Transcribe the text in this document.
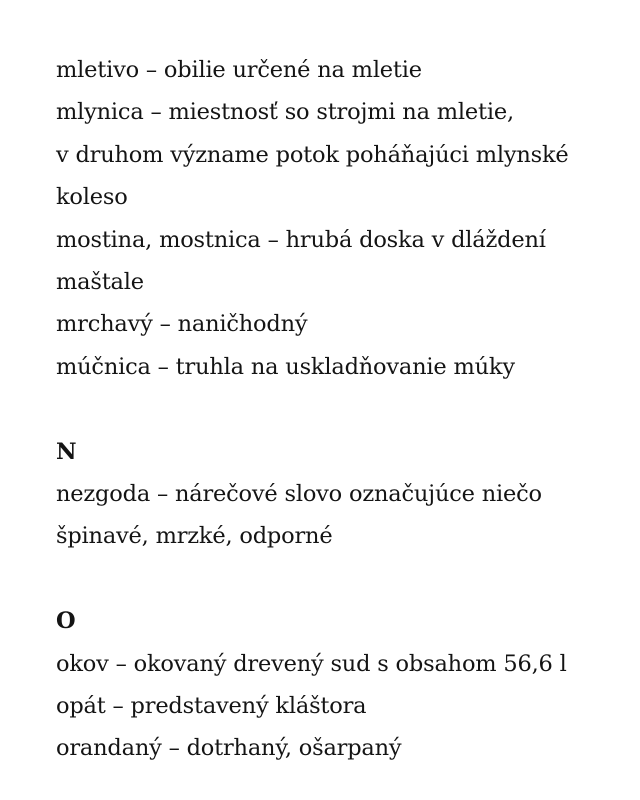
mletivo – obilie určené na mletie

mlynica – miestnosť so strojmi na mletie,

v druhom význame potok poháňajúci mlynské

koleso

mostina, mostnica – hrubá doska v dláždení

maštale

mrchavý – naničhodný

múčnica – truhla na uskladňovanie múky

N

nezgoda – nárečové slovo označujúce niečo

špinavé, mrzké, odporné

O

okov – okovaný drevený sud s obsahom 56,6 l

opát – predstavený kláštora

orandaný – dotrhaný, ošarpaný
